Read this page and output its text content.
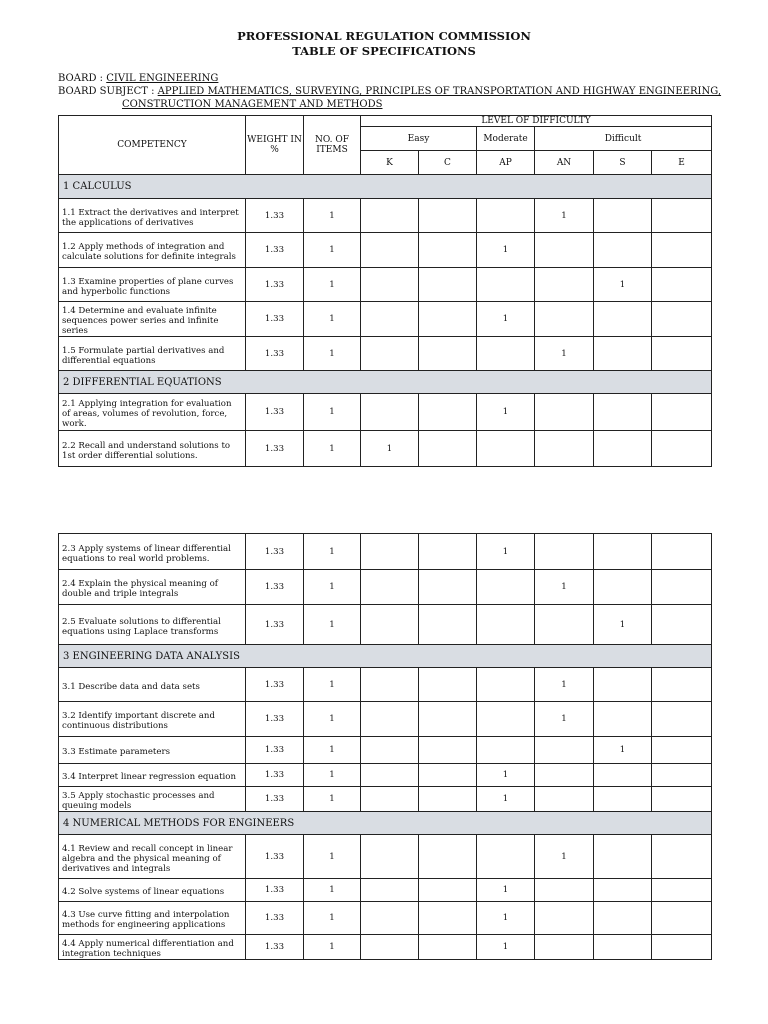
PROFESSIONAL REGULATION COMMISSION
TABLE OF SPECIFICATIONS
BOARD : CIVIL ENGINEERING
BOARD SUBJECT : APPLIED MATHEMATICS, SURVEYING, PRINCIPLES OF TRANSPORTATION AND HIGHWAY ENGINEERING,
CONSTRUCTION MANAGEMENT AND METHODS
COMPETENCY	WEIGHT IN %	NO. OF ITEMS	LEVEL OF DIFFICULTY					
			Easy		Moderate	Difficult		
			K	C	AP	AN	S	E
1 CALCULUS								
1.1 Extract the derivatives and interpret the applications of derivatives	1.33	1				1		
1.2 Apply methods of integration and calculate solutions for definite integrals	1.33	1			1			
1.3 Examine properties of plane curves and hyperbolic functions	1.33	1					1	
1.4 Determine and evaluate infinite sequences power series and infinite series	1.33	1			1			
1.5 Formulate partial derivatives and differential equations	1.33	1				1		
2 DIFFERENTIAL EQUATIONS								
2.1 Applying integration for evaluation of areas, volumes of revolution, force, work.	1.33	1			1			
2.2 Recall and understand solutions to 1st order differential solutions.	1.33	1	1					
2.3 Apply systems of linear differential equations to real world problems.	1.33	1			1			
2.4 Explain the physical meaning of double and triple integrals	1.33	1				1		
2.5 Evaluate solutions to differential equations using Laplace transforms	1.33	1					1	
3 ENGINEERING DATA ANALYSIS								
3.1 Describe data and data sets	1.33	1				1		
3.2 Identify important discrete and continuous distributions	1.33	1				1		
3.3 Estimate parameters	1.33	1					1	
3.4 Interpret linear regression equation	1.33	1			1			
3.5 Apply stochastic processes and queuing models	1.33	1			1			
4 NUMERICAL METHODS FOR ENGINEERS								
4.1 Review and recall concept in linear algebra and the physical meaning of derivatives and integrals	1.33	1				1		
4.2 Solve systems of linear equations	1.33	1			1			
4.3 Use curve fitting and interpolation methods for engineering applications	1.33	1			1			
4.4 Apply numerical differentiation and integration techniques	1.33	1			1			
